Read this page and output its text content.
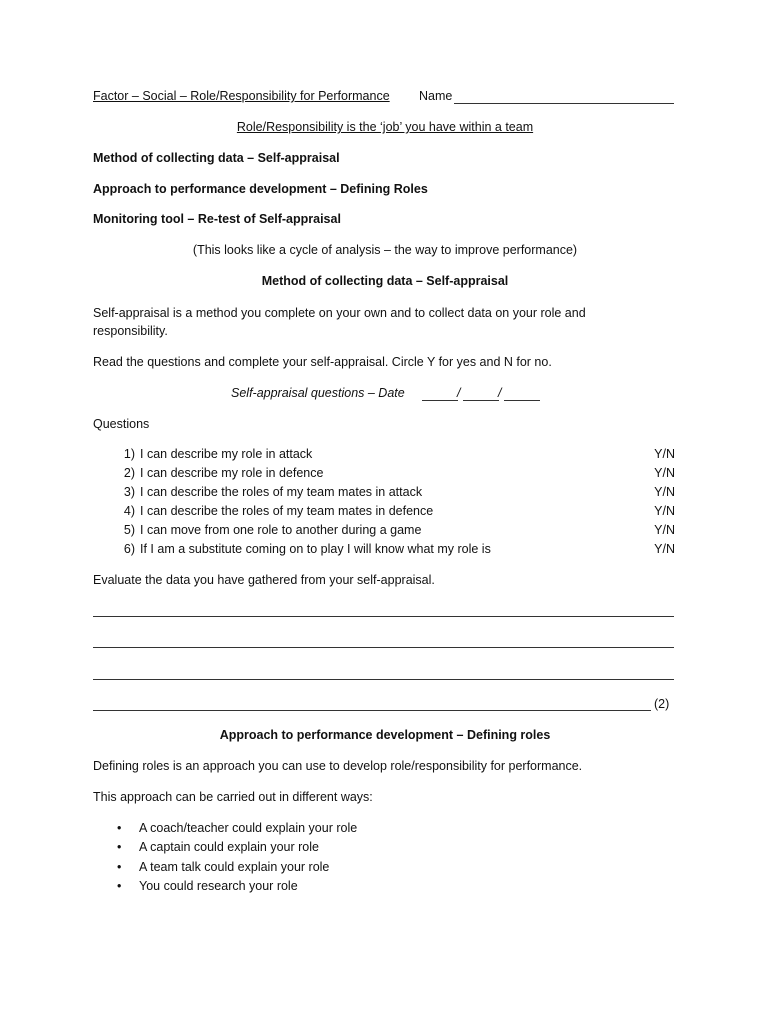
Factor – Social – Role/Responsibility for Performance Name
Role/Responsibility is the ‘job’ you have within a team
Method of collecting data – Self-appraisal
Approach to performance development – Defining Roles
Monitoring tool – Re-test of Self-appraisal
(This looks like a cycle of analysis – the way to improve performance)
Method of collecting data – Self-appraisal
Self-appraisal is a method you complete on your own and to collect data on your role and
responsibility.
Read the questions and complete your self-appraisal. Circle Y for yes and N for no.
Self-appraisal questions – Date	/	/
Questions
1) I can describe my role in attack	Y/N
2) I can describe my role in defence	Y/N
3) I can describe the roles of my team mates in attack	Y/N
4) I can describe the roles of my team mates in defence	Y/N
5) I can move from one role to another during a game	Y/N
6) If I am a substitute coming on to play I will know what my role is	Y/N
Evaluate the data you have gathered from your self-appraisal.
(2)
Approach to performance development – Defining roles
Defining roles is an approach you can use to develop role/responsibility for performance.
This approach can be carried out in different ways:
• A coach/teacher could explain your role
• A captain could explain your role
• A team talk could explain your role
• You could research your role
